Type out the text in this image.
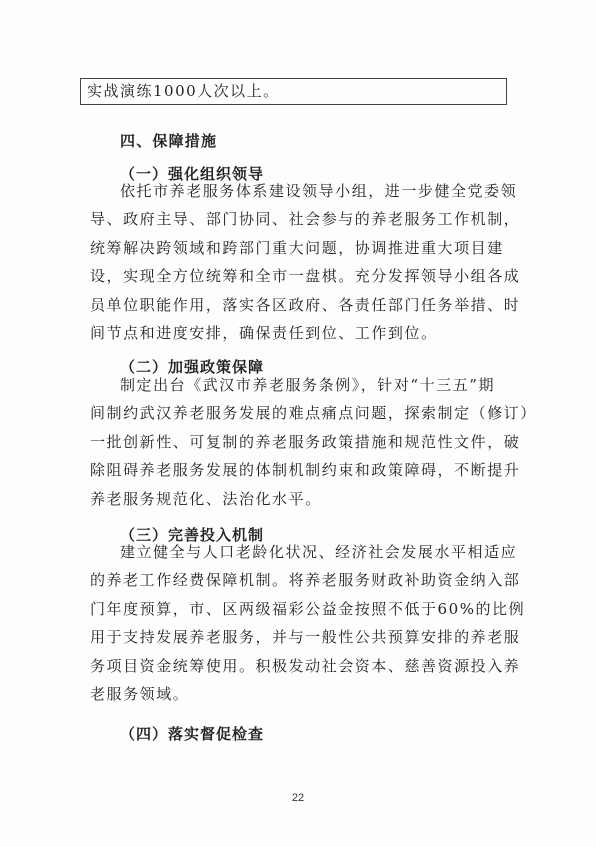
实战演练1000人次以上。
四、保障措施
（一）强化组织领导
依托市养老服务体系建设领导小组，进一步健全党委领
导、政府主导、部门协同、社会参与的养老服务工作机制，
统筹解决跨领域和跨部门重大问题，协调推进重大项目建
设，实现全方位统筹和全市一盘棋。充分发挥领导小组各成
员单位职能作用，落实各区政府、各责任部门任务举措、时
间节点和进度安排，确保责任到位、工作到位。
（二）加强政策保障
制定出台《武汉市养老服务条例》，针对“十三五”期
间制约武汉养老服务发展的难点痛点问题，探索制定（修订）
一批创新性、可复制的养老服务政策措施和规范性文件，破
除阻碍养老服务发展的体制机制约束和政策障碍，不断提升
养老服务规范化、法治化水平。
（三）完善投入机制
建立健全与人口老龄化状况、经济社会发展水平相适应
的养老工作经费保障机制。将养老服务财政补助资金纳入部
门年度预算，市、区两级福彩公益金按照不低于60%的比例
用于支持发展养老服务，并与一般性公共预算安排的养老服
务项目资金统筹使用。积极发动社会资本、慈善资源投入养
老服务领域。
（四）落实督促检查
22
